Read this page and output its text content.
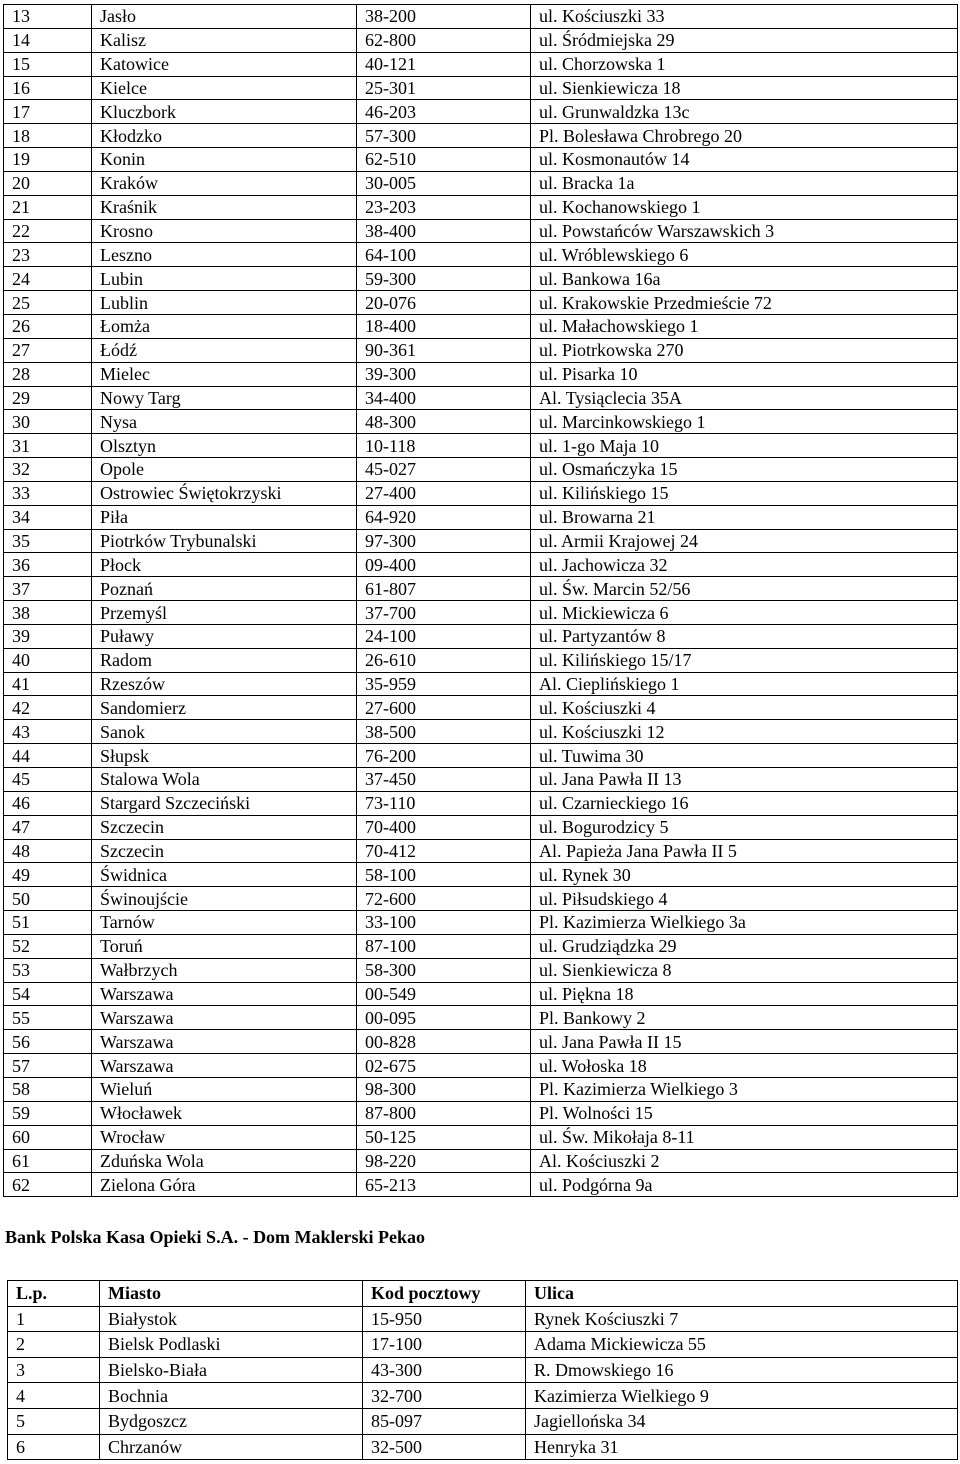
13	Jasło	38-200	ul. Kościuszki 33
14	Kalisz	62-800	ul. Śródmiejska 29
15	Katowice	40-121	ul. Chorzowska 1
16	Kielce	25-301	ul. Sienkiewicza 18
17	Kluczbork	46-203	ul. Grunwaldzka 13c
18	Kłodzko	57-300	Pl. Bolesława Chrobrego 20
19	Konin	62-510	ul. Kosmonautów 14
20	Kraków	30-005	ul. Bracka 1a
21	Kraśnik	23-203	ul. Kochanowskiego 1
22	Krosno	38-400	ul. Powstańców Warszawskich 3
23	Leszno	64-100	ul. Wróblewskiego 6
24	Lubin	59-300	ul. Bankowa 16a
25	Lublin	20-076	ul. Krakowskie Przedmieście 72
26	Łomża	18-400	ul. Małachowskiego 1
27	Łódź	90-361	ul. Piotrkowska 270
28	Mielec	39-300	ul. Pisarka 10
29	Nowy Targ	34-400	Al. Tysiąclecia 35A
30	Nysa	48-300	ul. Marcinkowskiego 1
31	Olsztyn	10-118	ul. 1-go Maja 10
32	Opole	45-027	ul. Osmańczyka 15
33	Ostrowiec Świętokrzyski	27-400	ul. Kilińskiego 15
34	Piła	64-920	ul. Browarna 21
35	Piotrków Trybunalski	97-300	ul. Armii Krajowej 24
36	Płock	09-400	ul. Jachowicza 32
37	Poznań	61-807	ul. Św. Marcin 52/56
38	Przemyśl	37-700	ul. Mickiewicza 6
39	Puławy	24-100	ul. Partyzantów 8
40	Radom	26-610	ul. Kilińskiego 15/17
41	Rzeszów	35-959	Al. Cieplińskiego 1
42	Sandomierz	27-600	ul. Kościuszki 4
43	Sanok	38-500	ul. Kościuszki 12
44	Słupsk	76-200	ul. Tuwima 30
45	Stalowa Wola	37-450	ul. Jana Pawła II 13
46	Stargard Szczeciński	73-110	ul. Czarnieckiego 16
47	Szczecin	70-400	ul. Bogurodzicy 5
48	Szczecin	70-412	Al. Papieża Jana Pawła II 5
49	Świdnica	58-100	ul. Rynek 30
50	Świnoujście	72-600	ul. Piłsudskiego 4
51	Tarnów	33-100	Pl. Kazimierza Wielkiego 3a
52	Toruń	87-100	ul. Grudziądzka 29
53	Wałbrzych	58-300	ul. Sienkiewicza 8
54	Warszawa	00-549	ul. Piękna 18
55	Warszawa	00-095	Pl. Bankowy 2
56	Warszawa	00-828	ul. Jana Pawła II 15
57	Warszawa	02-675	ul. Wołoska 18
58	Wieluń	98-300	Pl. Kazimierza Wielkiego 3
59	Włocławek	87-800	Pl. Wolności 15
60	Wrocław	50-125	ul. Św. Mikołaja 8-11
61	Zduńska Wola	98-220	Al. Kościuszki 2
62	Zielona Góra	65-213	ul. Podgórna 9a
Bank Polska Kasa Opieki S.A. - Dom Maklerski Pekao
L.p.	Miasto	Kod pocztowy	Ulica
1	Białystok	15-950	Rynek Kościuszki 7
2	Bielsk Podlaski	17-100	Adama Mickiewicza 55
3	Bielsko-Biała	43-300	R. Dmowskiego 16
4	Bochnia	32-700	Kazimierza Wielkiego 9
5	Bydgoszcz	85-097	Jagiellońska 34
6	Chrzanów	32-500	Henryka 31
